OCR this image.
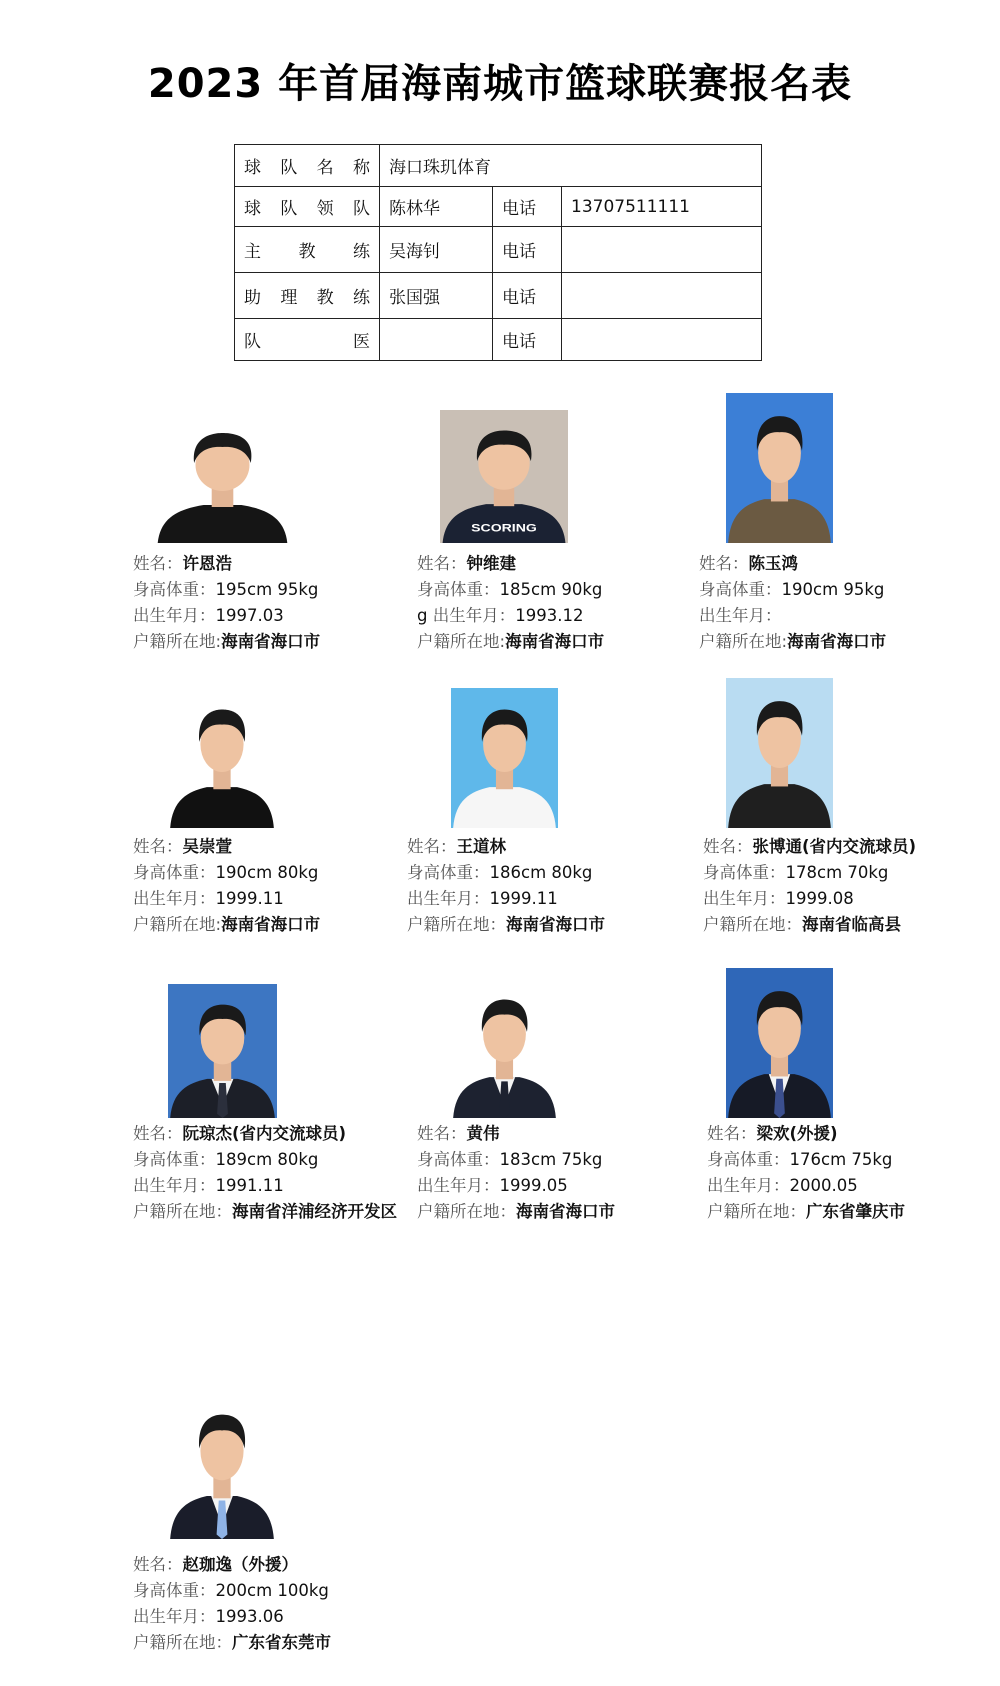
2023 年首届海南城市篮球联赛报名表
球 队 名 称	海口珠玑体育		

球 队 领 队	陈林华	电话	13707511111

主 教 练	吴海钊	电话	

助 理 教 练	张国强	电话	

队 医		电话	
姓名：许恩浩
身高体重：195cm 95kg
出生年月：1997.03
户籍所在地:海南省海口市
SCORING
姓名：钟维建
身高体重：185cm 90kg
g 出生年月：1993.12
户籍所在地:海南省海口市
姓名：陈玉鸿
身高体重：190cm 95kg
出生年月：
户籍所在地:海南省海口市
姓名：吴崇萱
身高体重：190cm 80kg
出生年月：1999.11
户籍所在地:海南省海口市
姓名：王道林
身高体重：186cm 80kg
出生年月：1999.11
户籍所在地：海南省海口市
姓名：张博通(省内交流球员)
身高体重：178cm 70kg
出生年月：1999.08
户籍所在地：海南省临高县
姓名：阮琼杰(省内交流球员)
身高体重：189cm 80kg
出生年月：1991.11
户籍所在地：海南省洋浦经济开发区
姓名：黄伟
身高体重：183cm 75kg
出生年月：1999.05
户籍所在地：海南省海口市
姓名：梁欢(外援)
身高体重：176cm 75kg
出生年月：2000.05
户籍所在地：广东省肇庆市
姓名：赵珈逸（外援）
身高体重：200cm 100kg
出生年月：1993.06
户籍所在地：广东省东莞市
